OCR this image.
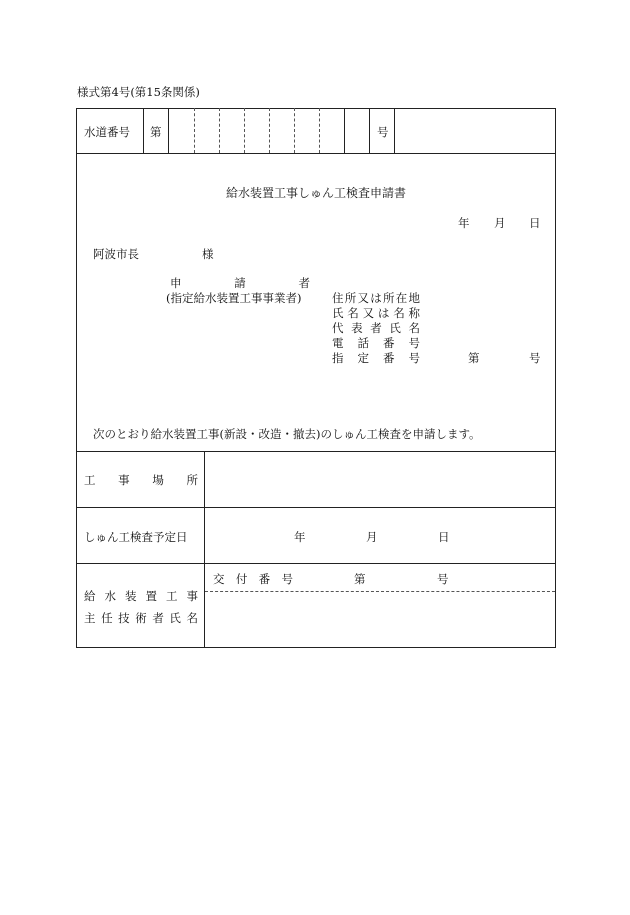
様式第4号(第15条関係)
水道番号 第	号
給水装置工事しゅん工検査申請書
年 月 日
阿波市長	様
申	請	者
(指定給水装置工事事業者)	住 所 又 は 所 在 地
氏 名 又 は 名 称
代 表 者 氏 名
電 話 番 号
指 定 番 号	第	号
次のとおり給水装置工事(新設・改造・撤去)のしゅん工検査を申請します。
工 事 場 所
しゅん工検査予定日	年	月	日
給 水 装 置 工 事
主 任 技 術 者 氏 名
交 付 番 号	第	号
